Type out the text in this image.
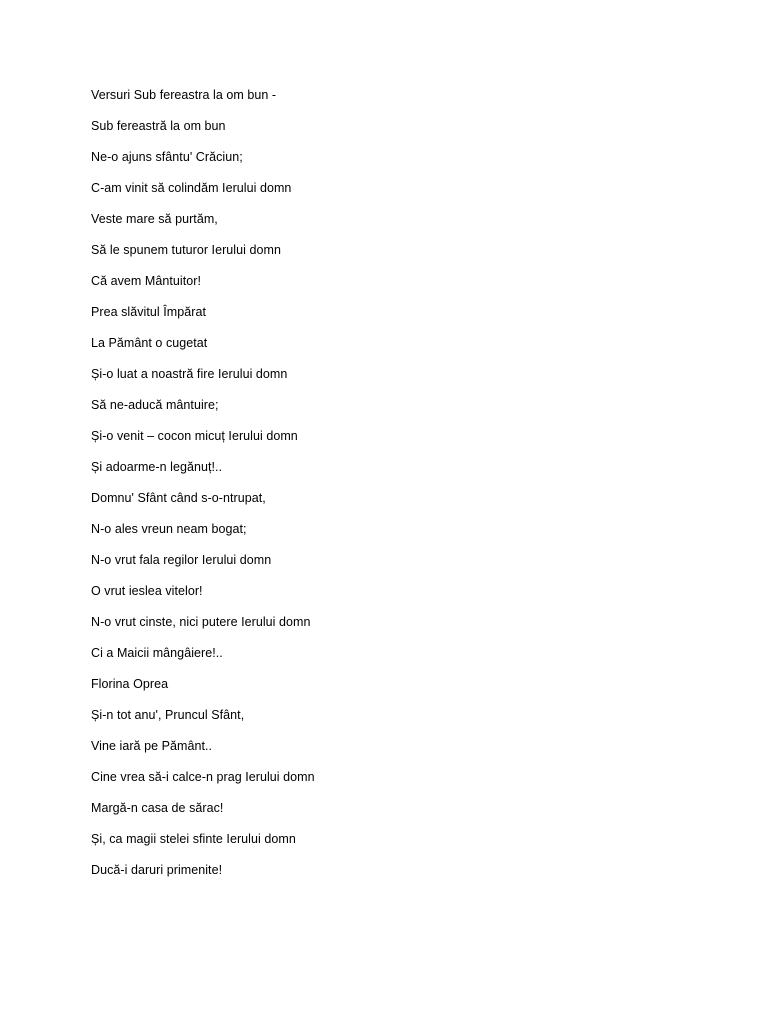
Versuri Sub fereastra la om bun -
Sub fereastră la om bun
Ne-o ajuns sfântu' Crăciun;
C-am vinit să colindăm Ierului domn
Veste mare să purtăm,
Să le spunem tuturor Ierului domn
Că avem Mântuitor!
Prea slăvitul Împărat
La Pământ o cugetat
Și-o luat a noastră fire Ierului domn
Să ne-aducă mântuire;
Și-o venit – cocon micuț Ierului domn
Și adoarme-n legănuț!..
Domnu' Sfânt când s-o-ntrupat,
N-o ales vreun neam bogat;
N-o vrut fala regilor Ierului domn
O vrut ieslea vitelor!
N-o vrut cinste, nici putere Ierului domn
Ci a Maicii mângâiere!..
Florina Oprea
Și-n tot anu', Pruncul Sfânt,
Vine iară pe Pământ..
Cine vrea să-i calce-n prag Ierului domn
Margă-n casa de sărac!
Și, ca magii stelei sfinte Ierului domn
Ducă-i daruri primenite!
